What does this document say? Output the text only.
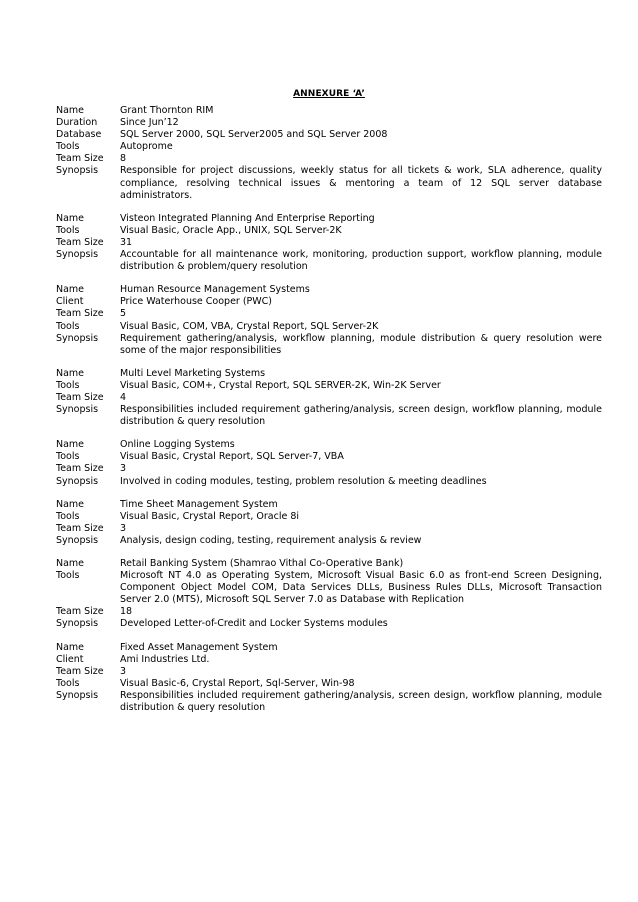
ANNEXURE ‘A’
Name	Grant Thornton RIM
Duration	Since Jun’12
Database	SQL Server 2000, SQL Server2005 and SQL Server 2008
Tools	Autoprome
Team Size	8
Synopsis	Responsible for project discussions, weekly status for all tickets & work, SLA adherence, quality compliance, resolving technical issues & mentoring a team of 12 SQL server database administrators.
Name	Visteon Integrated Planning And Enterprise Reporting
Tools	Visual Basic, Oracle App., UNIX, SQL Server-2K
Team Size	31
Synopsis	Accountable for all maintenance work, monitoring, production support, workflow planning, module distribution & problem/query resolution
Name	Human Resource Management Systems
Client	Price Waterhouse Cooper (PWC)
Team Size	5
Tools	Visual Basic, COM, VBA, Crystal Report, SQL Server-2K
Synopsis	Requirement gathering/analysis, workflow planning, module distribution & query resolution were some of the major responsibilities
Name	Multi Level Marketing Systems
Tools	Visual Basic, COM+, Crystal Report, SQL SERVER-2K, Win-2K Server
Team Size	4
Synopsis	Responsibilities included requirement gathering/analysis, screen design, workflow planning, module distribution & query resolution
Name	Online Logging Systems
Tools	Visual Basic, Crystal Report, SQL Server-7, VBA
Team Size	3
Synopsis	Involved in coding modules, testing, problem resolution & meeting deadlines
Name	Time Sheet Management System
Tools	Visual Basic, Crystal Report, Oracle 8i
Team Size	3
Synopsis	Analysis, design coding, testing, requirement analysis & review
Name	Retail Banking System (Shamrao Vithal Co-Operative Bank)
Tools	Microsoft NT 4.0 as Operating System, Microsoft Visual Basic 6.0 as front-end Screen Designing, Component Object Model COM, Data Services DLLs, Business Rules DLLs, Microsoft Transaction Server 2.0 (MTS), Microsoft SQL Server 7.0 as Database with Replication
Team Size	18
Synopsis	Developed Letter-of-Credit and Locker Systems modules
Name	Fixed Asset Management System
Client	Ami Industries Ltd.
Team Size	3
Tools	Visual Basic-6, Crystal Report, Sql-Server, Win-98
Synopsis	Responsibilities included requirement gathering/analysis, screen design, workflow planning, module distribution & query resolution
